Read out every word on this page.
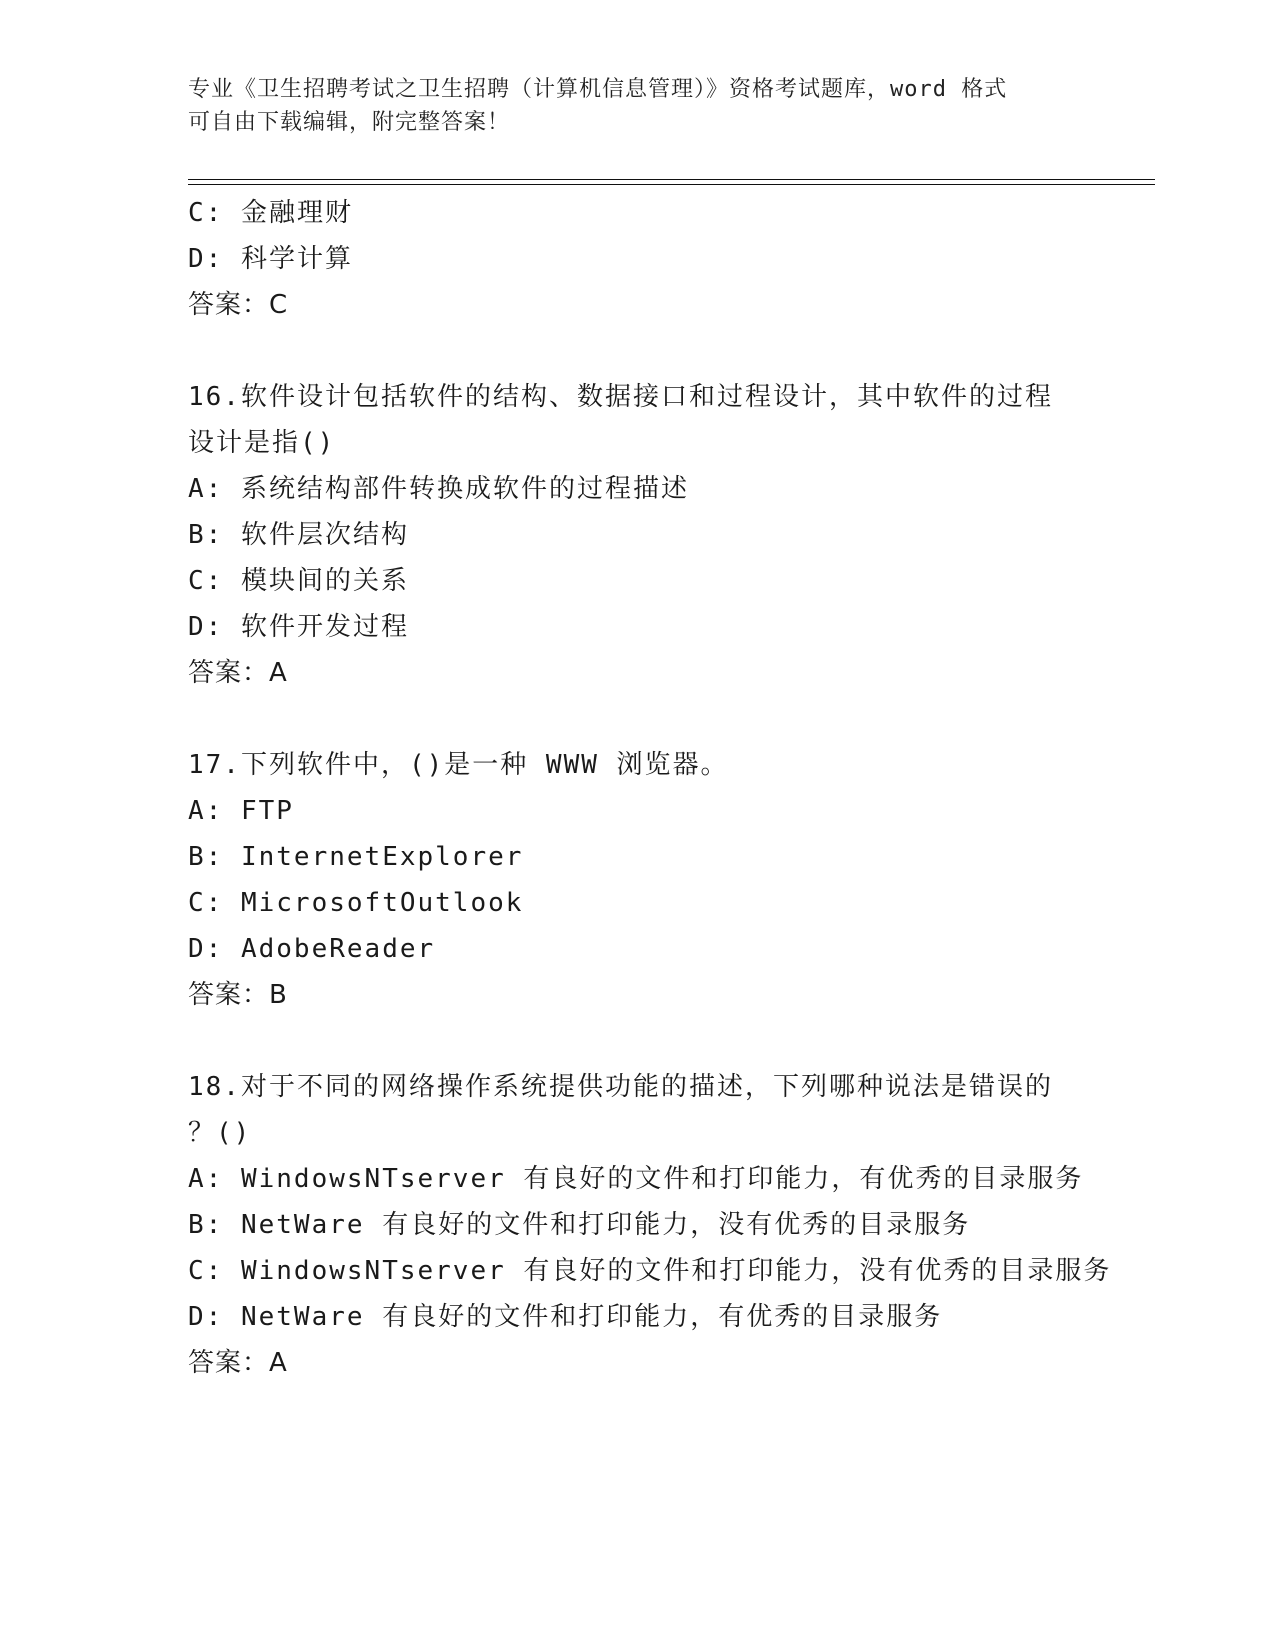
专业《卫生招聘考试之卫生招聘（计算机信息管理）》资格考试题库，word 格式
可自由下载编辑，附完整答案！
C: 金融理财
D: 科学计算
答案：C
16.软件设计包括软件的结构、数据接口和过程设计，其中软件的过程
设计是指()
A: 系统结构部件转换成软件的过程描述
B: 软件层次结构
C: 模块间的关系
D: 软件开发过程
答案：A
17.下列软件中，()是一种 WWW 浏览器。
A: FTP
B: InternetExplorer
C: MicrosoftOutlook
D: AdobeReader
答案：B
18.对于不同的网络操作系统提供功能的描述，下列哪种说法是错误的
？()
A: WindowsNTserver 有良好的文件和打印能力，有优秀的目录服务
B: NetWare 有良好的文件和打印能力，没有优秀的目录服务
C: WindowsNTserver 有良好的文件和打印能力，没有优秀的目录服务
D: NetWare 有良好的文件和打印能力，有优秀的目录服务
答案：A
